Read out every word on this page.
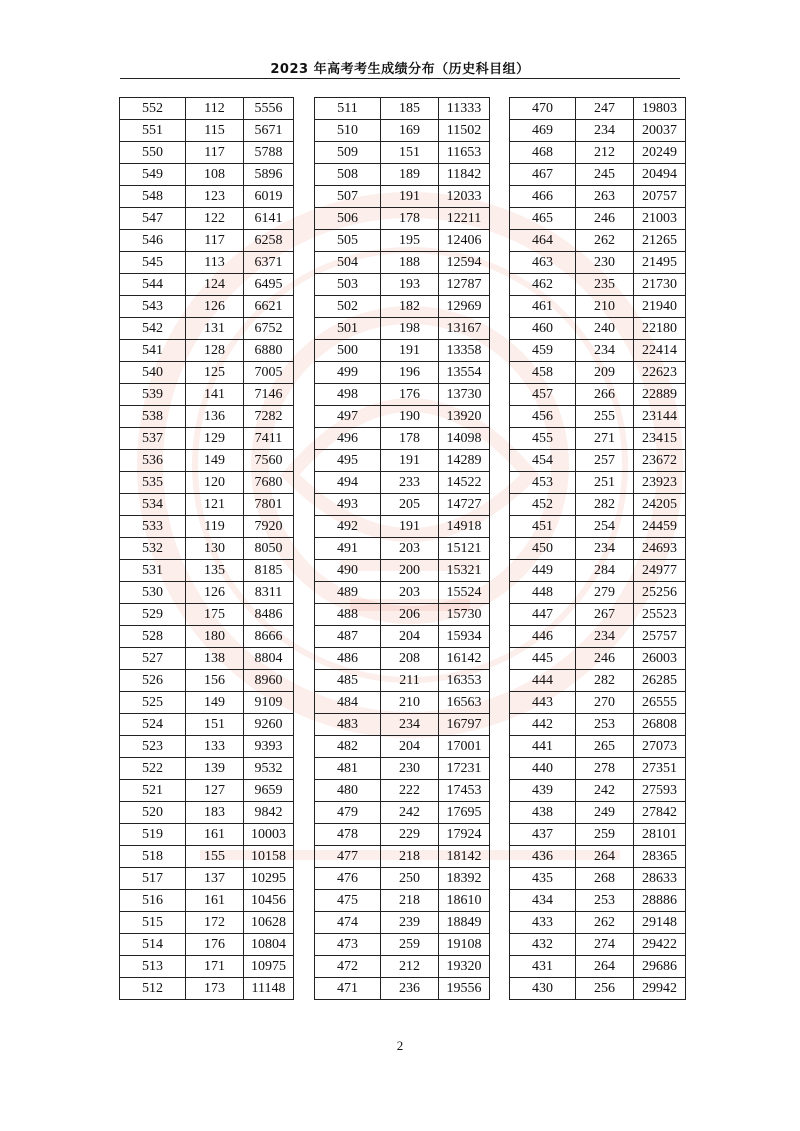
2023 年高考考生成绩分布（历史科目组）
552	112	5556
551	115	5671
550	117	5788
549	108	5896
548	123	6019
547	122	6141
546	117	6258
545	113	6371
544	124	6495
543	126	6621
542	131	6752
541	128	6880
540	125	7005
539	141	7146
538	136	7282
537	129	7411
536	149	7560
535	120	7680
534	121	7801
533	119	7920
532	130	8050
531	135	8185
530	126	8311
529	175	8486
528	180	8666
527	138	8804
526	156	8960
525	149	9109
524	151	9260
523	133	9393
522	139	9532
521	127	9659
520	183	9842
519	161	10003
518	155	10158
517	137	10295
516	161	10456
515	172	10628
514	176	10804
513	171	10975
512	173	11148
511	185	11333
510	169	11502
509	151	11653
508	189	11842
507	191	12033
506	178	12211
505	195	12406
504	188	12594
503	193	12787
502	182	12969
501	198	13167
500	191	13358
499	196	13554
498	176	13730
497	190	13920
496	178	14098
495	191	14289
494	233	14522
493	205	14727
492	191	14918
491	203	15121
490	200	15321
489	203	15524
488	206	15730
487	204	15934
486	208	16142
485	211	16353
484	210	16563
483	234	16797
482	204	17001
481	230	17231
480	222	17453
479	242	17695
478	229	17924
477	218	18142
476	250	18392
475	218	18610
474	239	18849
473	259	19108
472	212	19320
471	236	19556
470	247	19803
469	234	20037
468	212	20249
467	245	20494
466	263	20757
465	246	21003
464	262	21265
463	230	21495
462	235	21730
461	210	21940
460	240	22180
459	234	22414
458	209	22623
457	266	22889
456	255	23144
455	271	23415
454	257	23672
453	251	23923
452	282	24205
451	254	24459
450	234	24693
449	284	24977
448	279	25256
447	267	25523
446	234	25757
445	246	26003
444	282	26285
443	270	26555
442	253	26808
441	265	27073
440	278	27351
439	242	27593
438	249	27842
437	259	28101
436	264	28365
435	268	28633
434	253	28886
433	262	29148
432	274	29422
431	264	29686
430	256	29942
2
